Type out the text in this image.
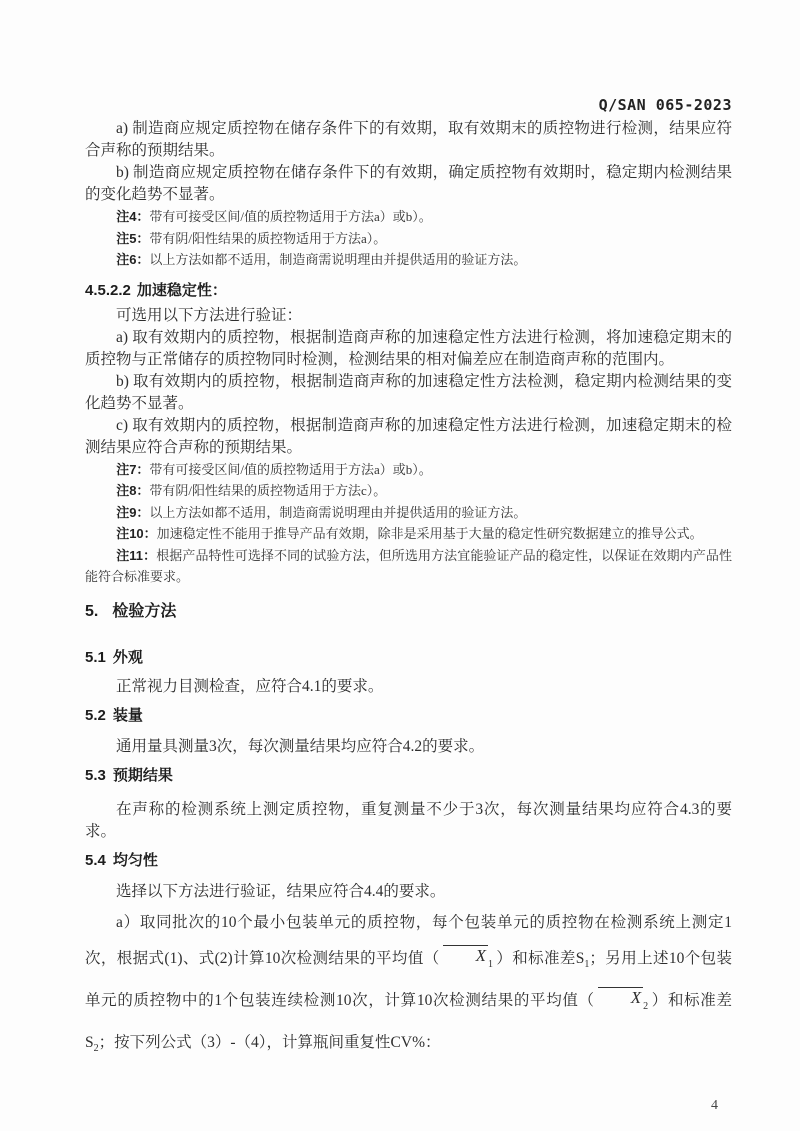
Q/SAN 065-2023

a) 制造商应规定质控物在储存条件下的有效期，取有效期末的质控物进行检测，结果应符合声称的预期结果。

b) 制造商应规定质控物在储存条件下的有效期，确定质控物有效期时，稳定期内检测结果的变化趋势不显著。

注4：带有可接受区间/值的质控物适用于方法a）或b）。
注5：带有阴/阳性结果的质控物适用于方法a）。
注6：以上方法如都不适用，制造商需说明理由并提供适用的验证方法。
4.5.2.2 加速稳定性：

可选用以下方法进行验证：

a) 取有效期内的质控物，根据制造商声称的加速稳定性方法进行检测，将加速稳定期末的质控物与正常储存的质控物同时检测，检测结果的相对偏差应在制造商声称的范围内。

b) 取有效期内的质控物，根据制造商声称的加速稳定性方法检测，稳定期内检测结果的变化趋势不显著。

c) 取有效期内的质控物，根据制造商声称的加速稳定性方法进行检测，加速稳定期末的检测结果应符合声称的预期结果。

注7：带有可接受区间/值的质控物适用于方法a）或b）。
注8：带有阴/阳性结果的质控物适用于方法c）。
注9：以上方法如都不适用，制造商需说明理由并提供适用的验证方法。
注10：加速稳定性不能用于推导产品有效期，除非是采用基于大量的稳定性研究数据建立的推导公式。
注11：根据产品特性可选择不同的试验方法，但所选用方法宜能验证产品的稳定性，以保证在效期内产品性能符合标准要求。
5. 检验方法
5.1 外观

正常视力目测检查，应符合4.1的要求。

5.2 装量

通用量具测量3次，每次测量结果均应符合4.2的要求。

5.3 预期结果

在声称的检测系统上测定质控物，重复测量不少于3次，每次测量结果均应符合4.3的要求。

5.4 均匀性

选择以下方法进行验证，结果应符合4.4的要求。

a）取同批次的10个最小包装单元的质控物，每个包装单元的质控物在检测系统上测定1次，根据式(1)、式(2)计算10次检测结果的平均值（ X $_1$ ）和标准差$S_1$；另用上述10个包装单元的质控物中的1个包装连续检测10次，计算10次检测结果的平均值（ X $_2$ ）和标准差$S_2$；按下列公式（3）-（4），计算瓶间重复性CV%：

4
